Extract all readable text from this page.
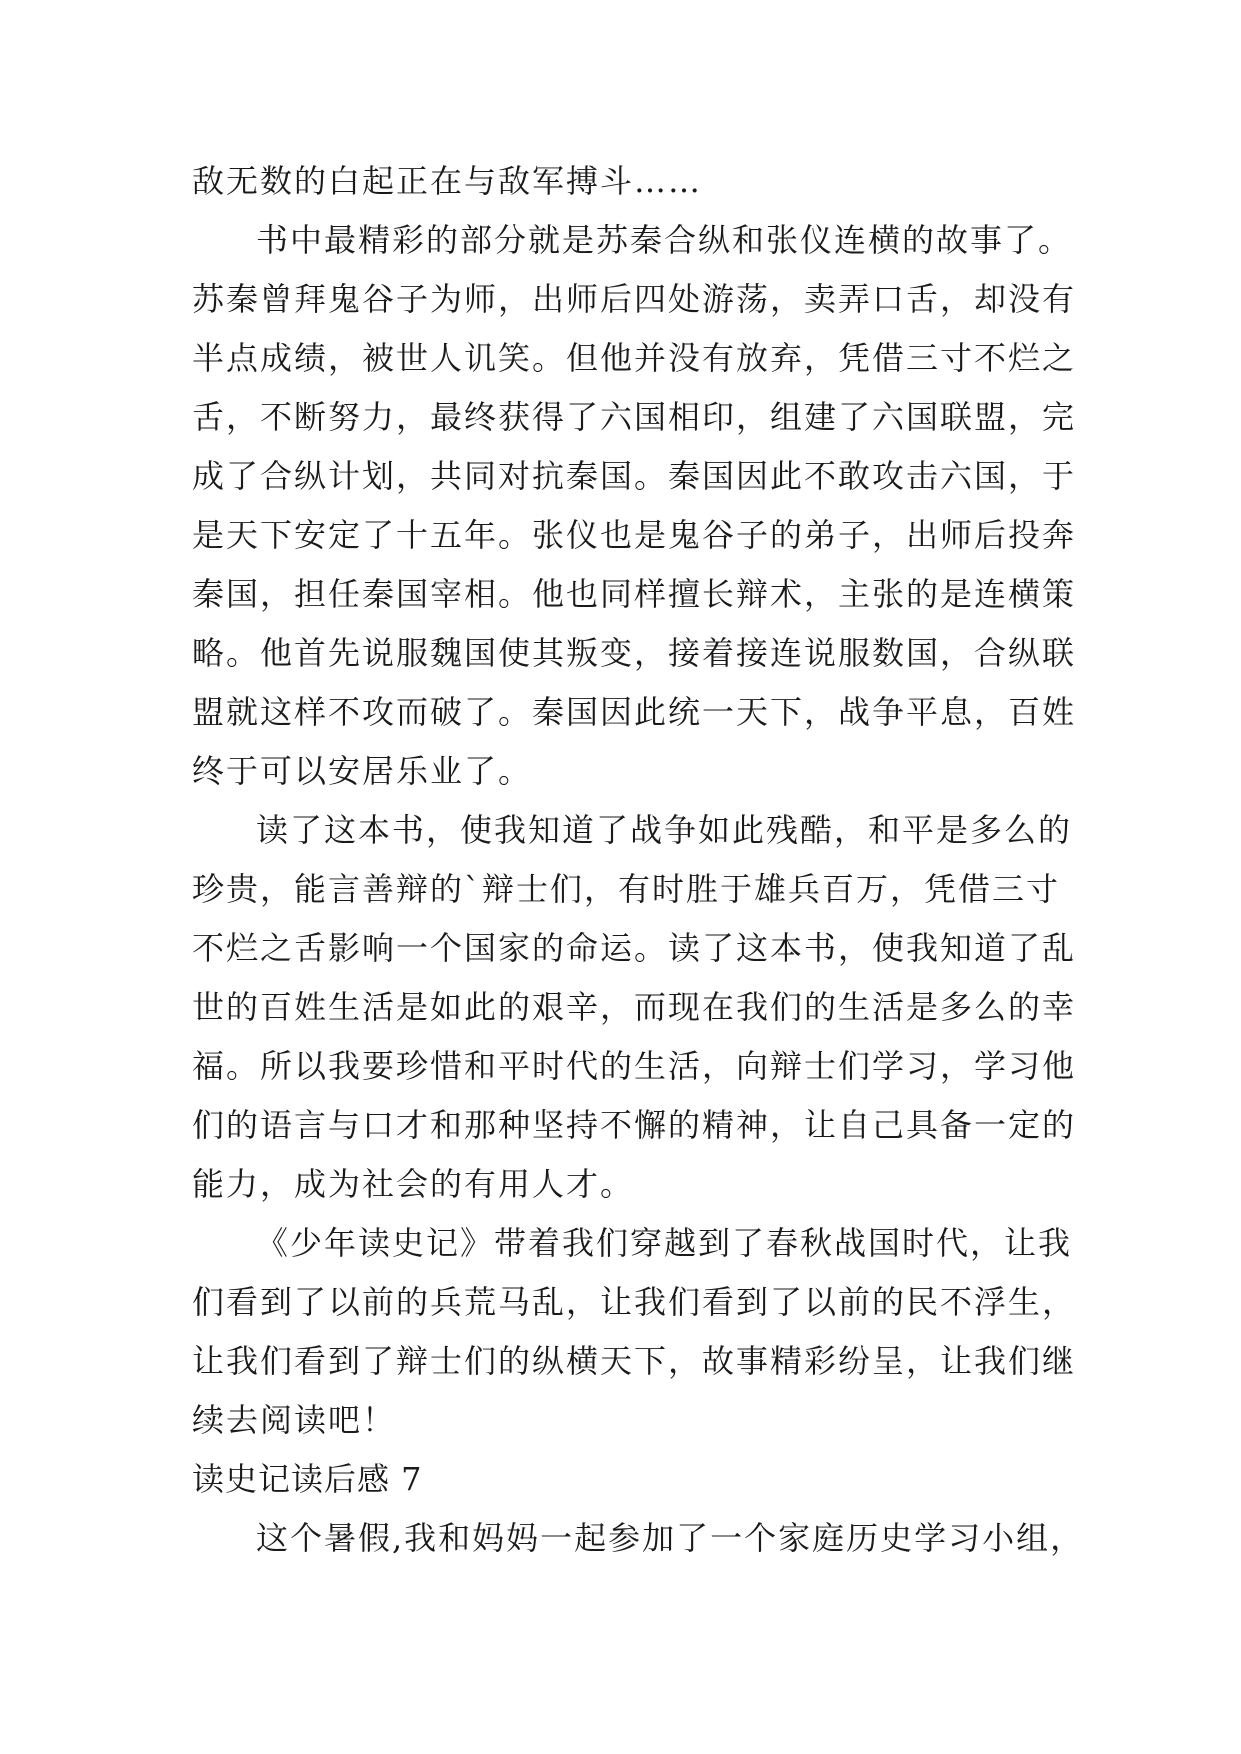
敌无数的白起正在与敌军搏斗……
书中最精彩的部分就是苏秦合纵和张仪连横的故事了。
苏秦曾拜鬼谷子为师，出师后四处游荡，卖弄口舌，却没有
半点成绩，被世人讥笑。但他并没有放弃，凭借三寸不烂之
舌，不断努力，最终获得了六国相印，组建了六国联盟，完
成了合纵计划，共同对抗秦国。秦国因此不敢攻击六国，于
是天下安定了十五年。张仪也是鬼谷子的弟子，出师后投奔
秦国，担任秦国宰相。他也同样擅长辩术，主张的是连横策
略。他首先说服魏国使其叛变，接着接连说服数国，合纵联
盟就这样不攻而破了。秦国因此统一天下，战争平息，百姓
终于可以安居乐业了。
读了这本书，使我知道了战争如此残酷，和平是多么的
珍贵，能言善辩的`辩士们，有时胜于雄兵百万，凭借三寸
不烂之舌影响一个国家的命运。读了这本书，使我知道了乱
世的百姓生活是如此的艰辛，而现在我们的生活是多么的幸
福。所以我要珍惜和平时代的生活，向辩士们学习，学习他
们的语言与口才和那种坚持不懈的精神，让自己具备一定的
能力，成为社会的有用人才。
《少年读史记》带着我们穿越到了春秋战国时代，让我
们看到了以前的兵荒马乱，让我们看到了以前的民不浮生，
让我们看到了辩士们的纵横天下，故事精彩纷呈，让我们继
续去阅读吧！
读史记读后感 7
这个暑假,我和妈妈一起参加了一个家庭历史学习小组，
